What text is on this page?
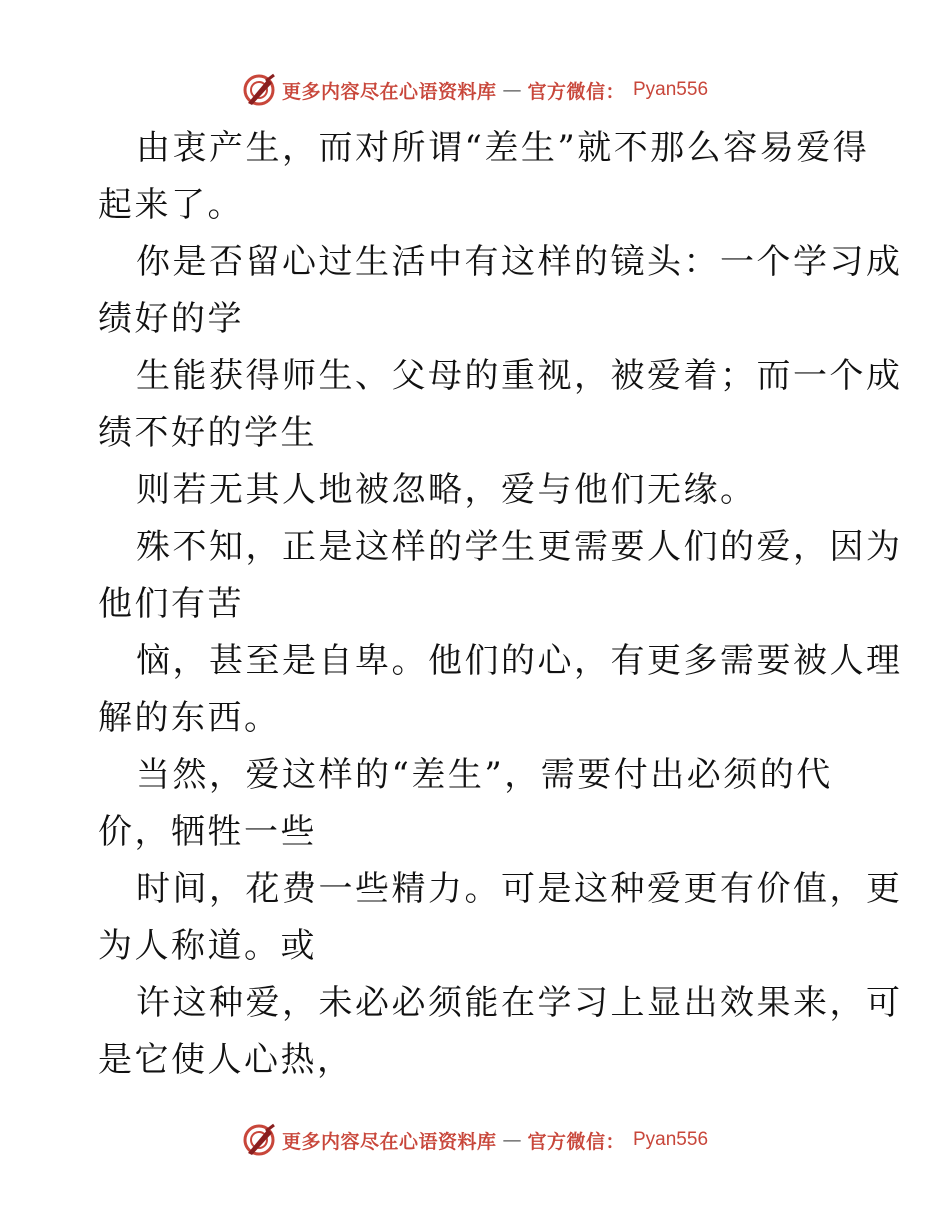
更多内容尽在心语资料库 — 官方微信： Pyan556
由衷产生，而对所谓“差生”就不那么容易爱得
起来了。
你是否留心过生活中有这样的镜头：一个学习成
绩好的学
生能获得师生、父母的重视，被爱着；而一个成
绩不好的学生
则若无其人地被忽略，爱与他们无缘。
殊不知，正是这样的学生更需要人们的爱，因为
他们有苦
恼，甚至是自卑。他们的心，有更多需要被人理
解的东西。
当然，爱这样的“差生”，需要付出必须的代
价，牺牲一些
时间，花费一些精力。可是这种爱更有价值，更
为人称道。或
许这种爱，未必必须能在学习上显出效果来，可
是它使人心热，
更多内容尽在心语资料库 — 官方微信： Pyan556
